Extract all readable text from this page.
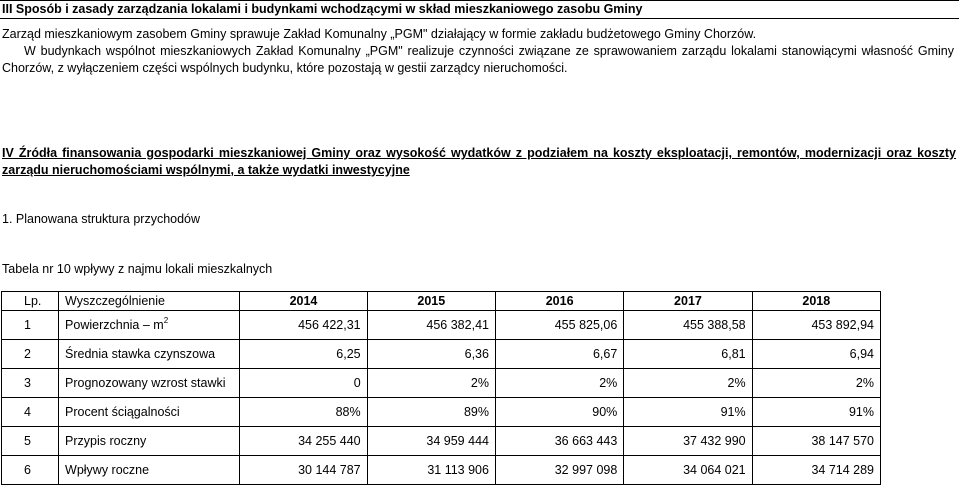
III Sposób i zasady zarządzania lokalami i budynkami wchodzącymi w skład mieszkaniowego zasobu Gminy
Zarząd mieszkaniowym zasobem Gminy sprawuje Zakład Komunalny „PGM" działający w formie zakładu budżetowego Gminy Chorzów.
W budynkach wspólnot mieszkaniowych Zakład Komunalny „PGM" realizuje czynności związane ze sprawowaniem zarządu lokalami stanowiącymi własność Gminy Chorzów, z wyłączeniem części wspólnych budynku, które pozostają w gestii zarządcy nieruchomości.
IV Źródła finansowania gospodarki mieszkaniowej Gminy oraz wysokość wydatków z podziałem na koszty eksploatacji, remontów, modernizacji oraz koszty zarządu nieruchomościami wspólnymi, a także wydatki inwestycyjne
1. Planowana struktura przychodów
Tabela nr 10 wpływy z najmu lokali mieszkalnych
Lp.	Wyszczególnienie	2014	2015	2016	2017	2018
1	Powierzchnia – $m^2$	456 422,31	456 382,41	455 825,06	455 388,58	453 892,94
2	Średnia stawka czynszowa	6,25	6,36	6,67	6,81	6,94
3	Prognozowany wzrost stawki	0	2%	2%	2%	2%
4	Procent ściągalności	88%	89%	90%	91%	91%
5	Przypis roczny	34 255 440	34 959 444	36 663 443	37 432 990	38 147 570
6	Wpływy roczne	30 144 787	31 113 906	32 997 098	34 064 021	34 714 289
